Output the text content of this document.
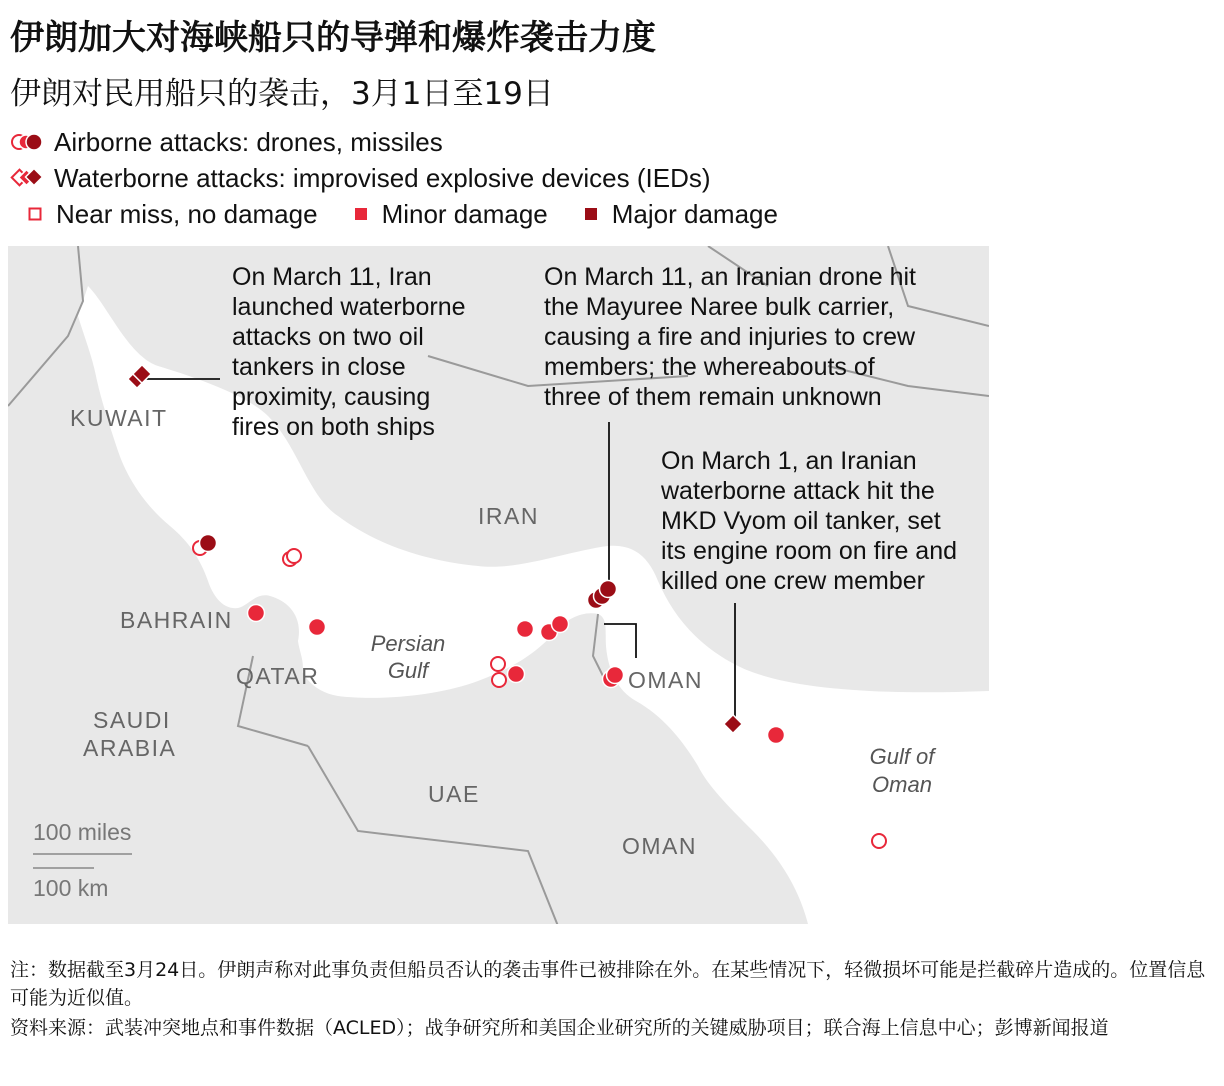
伊朗加大对海峡船只的导弹和爆炸袭击力度
伊朗对民用船只的袭击，3月1日至19日
Airborne attacks: drones, missiles
Waterborne attacks: improvised explosive devices (IEDs)
Near miss, no damage Minor damage Major damage
KUWAIT
IRAN
BAHRAIN
QATAR
SAUDI
ARABIA
UAE
OMAN
OMAN
Persian
Gulf
Gulf of
Oman
100 miles
100 km
On March 11, Iran
launched waterborne
attacks on two oil
tankers in close
proximity, causing
fires on both ships
On March 11, an Iranian drone hit
the Mayuree Naree bulk carrier,
causing a fire and injuries to crew
members; the whereabouts of
three of them remain unknown
On March 1, an Iranian
waterborne attack hit the
MKD Vyom oil tanker, set
its engine room on fire and
killed one crew member
注：数据截至3月24日。伊朗声称对此事负责但船员否认的袭击事件已被排除在外。在某些情况下，轻微损坏可能是拦截碎片造成的。位置信息可能为近似值。
资料来源：武装冲突地点和事件数据（ACLED）；战争研究所和美国企业研究所的关键威胁项目；联合海上信息中心；彭博新闻报道
